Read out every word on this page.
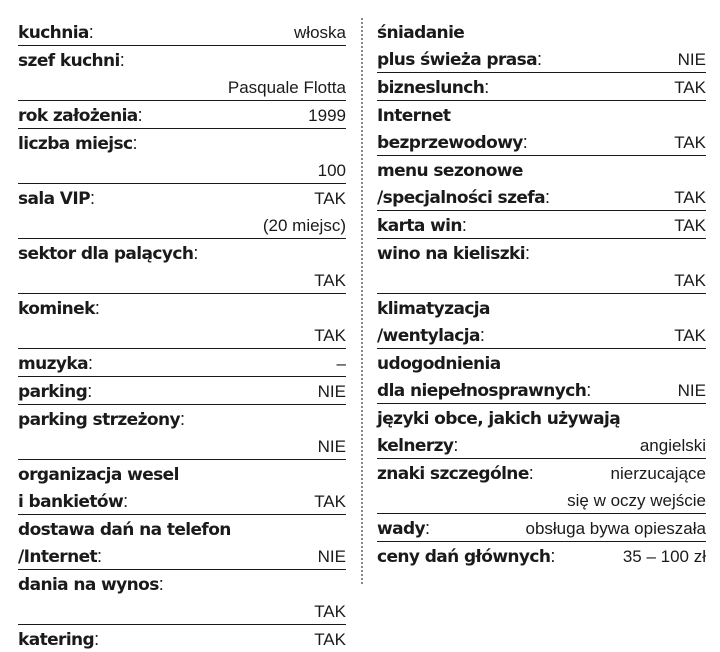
kuchnia:	włoska
szef kuchni:
Pasquale Flotta
rok założenia:	1999
liczba miejsc:
100
sala VIP:	TAK
(20 miejsc)
sektor dla palących:
TAK
kominek:
TAK
muzyka:	–
parking:	NIE
parking strzeżony:
NIE
organizacja wesel
i bankietów:	TAK
dostawa dań na telefon
/Internet:	NIE
dania na wynos:
TAK
katering:	TAK
śniadanie
plus świeża prasa:	NIE
bizneslunch:	TAK
Internet
bezprzewodowy:	TAK
menu sezonowe
/specjalności szefa:	TAK
karta win:	TAK
wino na kieliszki:
TAK
klimatyzacja
/wentylacja:	TAK
udogodnienia
dla niepełnosprawnych:	NIE
języki obce, jakich używają
kelnerzy:	angielski
znaki szczególne:	nierzucające
się w oczy wejście
wady:	obsługa bywa opieszała
ceny dań głównych:	35 – 100 zł
